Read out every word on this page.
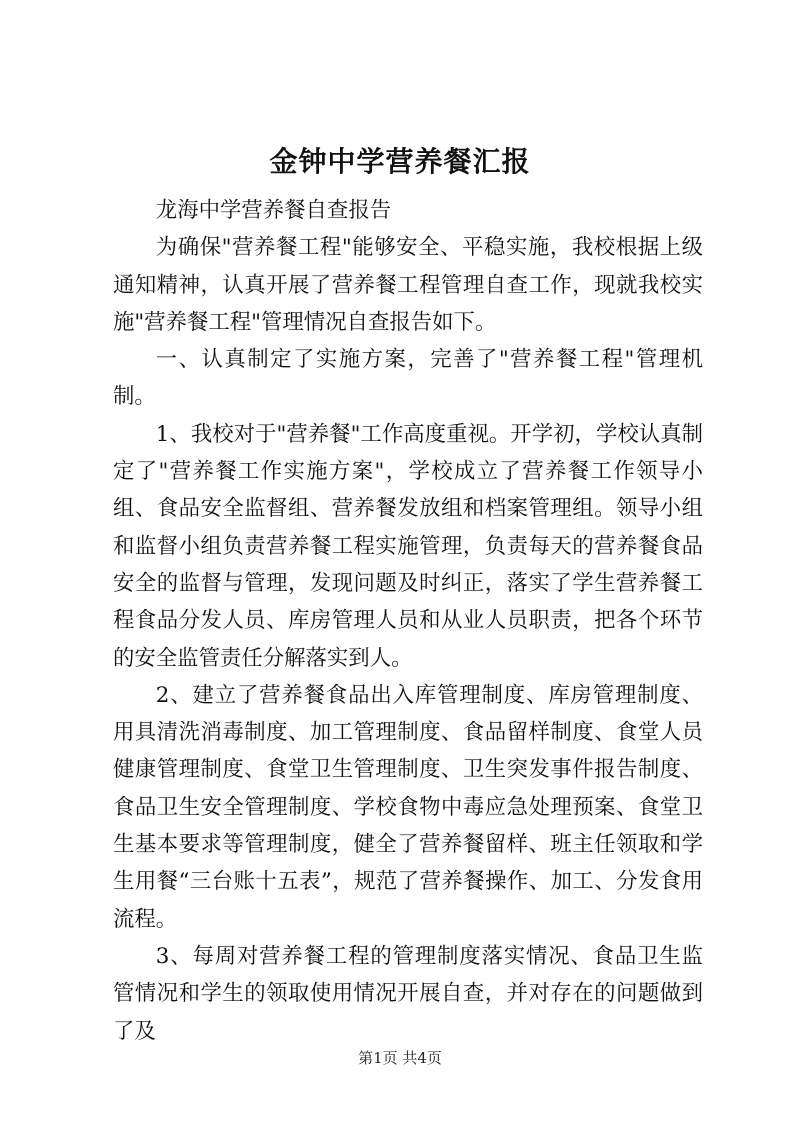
金钟中学营养餐汇报

龙海中学营养餐自查报告

为确保"营养餐工程"能够安全、平稳实施，我校根据上级通知精神，认真开展了营养餐工程管理自查工作，现就我校实施"营养餐工程"管理情况自查报告如下。

一、认真制定了实施方案，完善了"营养餐工程"管理机制。

1、我校对于"营养餐"工作高度重视。开学初，学校认真制定了"营养餐工作实施方案"，学校成立了营养餐工作领导小组、食品安全监督组、营养餐发放组和档案管理组。领导小组和监督小组负责营养餐工程实施管理，负责每天的营养餐食品安全的监督与管理，发现问题及时纠正，落实了学生营养餐工程食品分发人员、库房管理人员和从业人员职责，把各个环节的安全监管责任分解落实到人。

2、建立了营养餐食品出入库管理制度、库房管理制度、用具清洗消毒制度、加工管理制度、食品留样制度、食堂人员健康管理制度、食堂卫生管理制度、卫生突发事件报告制度、食品卫生安全管理制度、学校食物中毒应急处理预案、食堂卫生基本要求等管理制度，健全了营养餐留样、班主任领取和学生用餐“三台账十五表”，规范了营养餐操作、加工、分发食用流程。

3、每周对营养餐工程的管理制度落实情况、食品卫生监管情况和学生的领取使用情况开展自查，并对存在的问题做到了及

第1页 共4页
